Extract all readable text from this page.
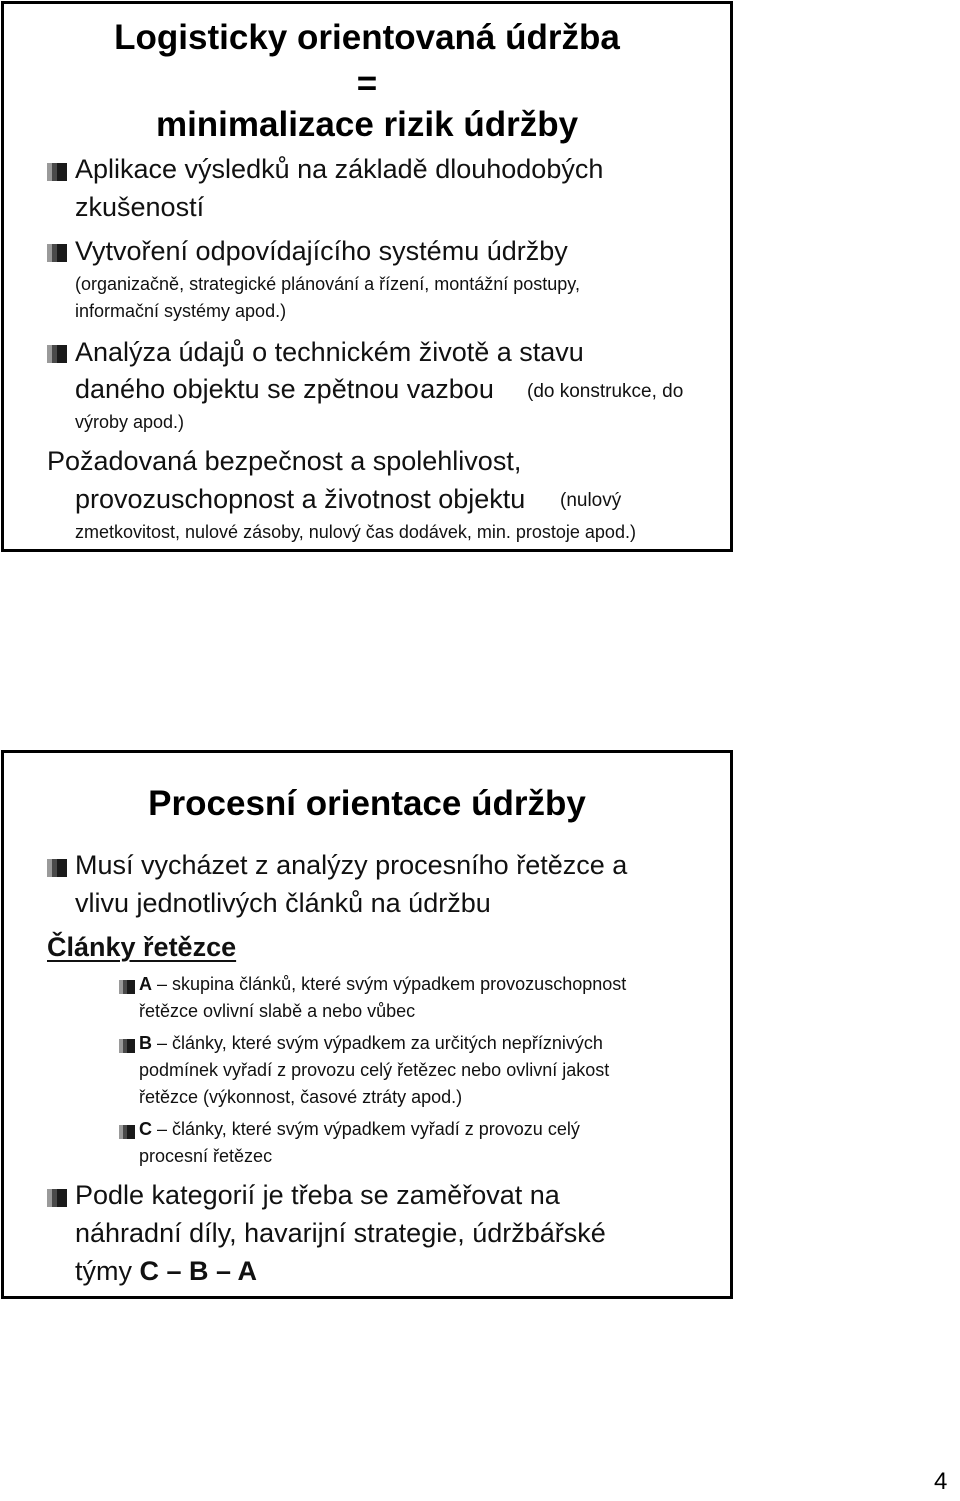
Logisticky orientovaná údržba
=
minimalizace rizik údržby
Aplikace výsledků na základě dlouhodobých
zkušeností
Vytvoření odpovídajícího systému údržby
(organizačně, strategické plánování a řízení, montážní postupy,
informační systémy apod.)
Analýza údajů o technickém životě a stavu
daného objektu se zpětnou vazbou (do konstrukce, do
výroby apod.)
Požadovaná bezpečnost a spolehlivost,
provozuschopnost a životnost objektu (nulový
zmetkovitost, nulové zásoby, nulový čas dodávek, min. prostoje apod.)
Procesní orientace údržby
Musí vycházet z analýzy procesního řetězce a
vlivu jednotlivých článků na údržbu
Články řetězce
A – skupina článků, které svým výpadkem provozuschopnost
řetězce ovlivní slabě a nebo vůbec
B – články, které svým výpadkem za určitých nepříznivých
podmínek vyřadí z provozu celý řetězec nebo ovlivní jakost
řetězce (výkonnost, časové ztráty apod.)
C – články, které svým výpadkem vyřadí z provozu celý
procesní řetězec
Podle kategorií je třeba se zaměřovat na
náhradní díly, havarijní strategie, údržbářské
týmy C – B – A
4
